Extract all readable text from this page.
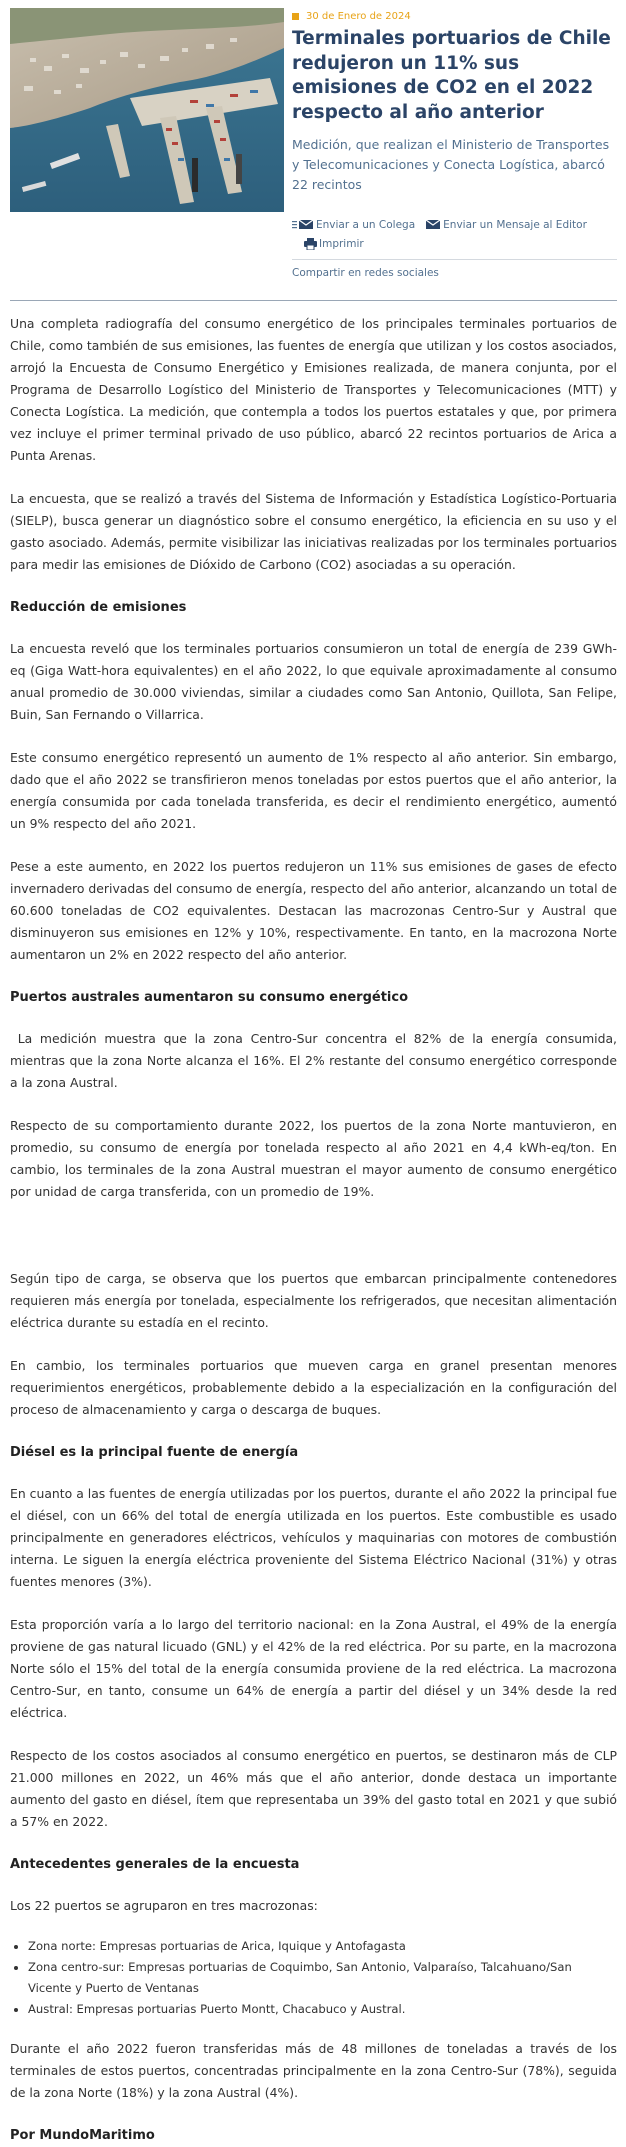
30 de Enero de 2024
Terminales portuarios de Chile redujeron un 11% sus emisiones de CO2 en el 2022 respecto al año anterior

Medición, que realizan el Ministerio de Transportes y Telecomunicaciones y Conecta Logística, abarcó 22 recintos

Enviar a un Colega	Enviar un Mensaje al Editor
Imprimir
Compartir en redes sociales

Una completa radiografía del consumo energético de los principales terminales portuarios de Chile, como también de sus emisiones, las fuentes de energía que utilizan y los costos asociados, arrojó la Encuesta de Consumo Energético y Emisiones realizada, de manera conjunta, por el Programa de Desarrollo Logístico del Ministerio de Transportes y Telecomunicaciones (MTT) y Conecta Logística. La medición, que contempla a todos los puertos estatales y que, por primera vez incluye el primer terminal privado de uso público, abarcó 22 recintos portuarios de Arica a Punta Arenas.

La encuesta, que se realizó a través del Sistema de Información y Estadística Logístico-Portuaria (SIELP), busca generar un diagnóstico sobre el consumo energético, la eficiencia en su uso y el gasto asociado. Además, permite visibilizar las iniciativas realizadas por los terminales portuarios para medir las emisiones de Dióxido de Carbono (CO2) asociadas a su operación.

Reducción de emisiones

La encuesta reveló que los terminales portuarios consumieron un total de energía de 239 GWh-eq (Giga Watt-hora equivalentes) en el año 2022, lo que equivale aproximadamente al consumo anual promedio de 30.000 viviendas, similar a ciudades como San Antonio, Quillota, San Felipe, Buin, San Fernando o Villarrica.

Este consumo energético representó un aumento de 1% respecto al año anterior. Sin embargo, dado que el año 2022 se transfirieron menos toneladas por estos puertos que el año anterior, la energía consumida por cada tonelada transferida, es decir el rendimiento energético, aumentó un 9% respecto del año 2021.

Pese a este aumento, en 2022 los puertos redujeron un 11% sus emisiones de gases de efecto invernadero derivadas del consumo de energía, respecto del año anterior, alcanzando un total de 60.600 toneladas de CO2 equivalentes. Destacan las macrozonas Centro-Sur y Austral que disminuyeron sus emisiones en 12% y 10%, respectivamente. En tanto, en la macrozona Norte aumentaron un 2% en 2022 respecto del año anterior.

Puertos australes aumentaron su consumo energético

La medición muestra que la zona Centro-Sur concentra el 82% de la energía consumida, mientras que la zona Norte alcanza el 16%. El 2% restante del consumo energético corresponde a la zona Austral.

Respecto de su comportamiento durante 2022, los puertos de la zona Norte mantuvieron, en promedio, su consumo de energía por tonelada respecto al año 2021 en 4,4 kWh-eq/ton. En cambio, los terminales de la zona Austral muestran el mayor aumento de consumo energético por unidad de carga transferida, con un promedio de 19%.

Según tipo de carga, se observa que los puertos que embarcan principalmente contenedores requieren más energía por tonelada, especialmente los refrigerados, que necesitan alimentación eléctrica durante su estadía en el recinto.

En cambio, los terminales portuarios que mueven carga en granel presentan menores requerimientos energéticos, probablemente debido a la especialización en la configuración del proceso de almacenamiento y carga o descarga de buques.

Diésel es la principal fuente de energía

En cuanto a las fuentes de energía utilizadas por los puertos, durante el año 2022 la principal fue el diésel, con un 66% del total de energía utilizada en los puertos. Este combustible es usado principalmente en generadores eléctricos, vehículos y maquinarias con motores de combustión interna. Le siguen la energía eléctrica proveniente del Sistema Eléctrico Nacional (31%) y otras fuentes menores (3%).

Esta proporción varía a lo largo del territorio nacional: en la Zona Austral, el 49% de la energía proviene de gas natural licuado (GNL) y el 42% de la red eléctrica. Por su parte, en la macrozona Norte sólo el 15% del total de la energía consumida proviene de la red eléctrica. La macrozona Centro-Sur, en tanto, consume un 64% de energía a partir del diésel y un 34% desde la red eléctrica.

Respecto de los costos asociados al consumo energético en puertos, se destinaron más de CLP 21.000 millones en 2022, un 46% más que el año anterior, donde destaca un importante aumento del gasto en diésel, ítem que representaba un 39% del gasto total en 2021 y que subió a 57% en 2022.

Antecedentes generales de la encuesta

Los 22 puertos se agruparon en tres macrozonas:

• Zona norte: Empresas portuarias de Arica, Iquique y Antofagasta
• Zona centro-sur: Empresas portuarias de Coquimbo, San Antonio, Valparaíso, Talcahuano/San Vicente y Puerto de Ventanas
• Austral: Empresas portuarias Puerto Montt, Chacabuco y Austral.

Durante el año 2022 fueron transferidas más de 48 millones de toneladas a través de los terminales de estos puertos, concentradas principalmente en la zona Centro-Sur (78%), seguida de la zona Norte (18%) y la zona Austral (4%).

Por MundoMaritimo
